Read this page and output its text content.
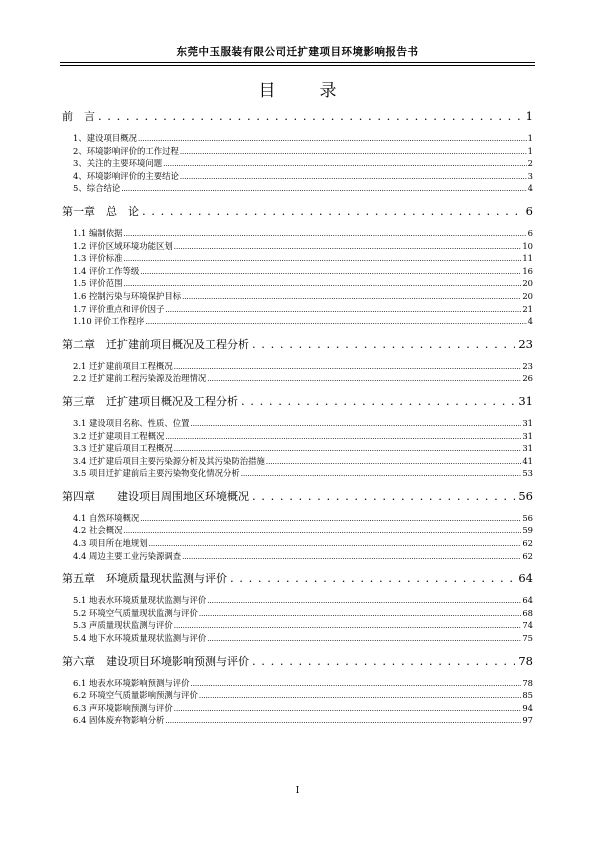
东莞中玉服装有限公司迁扩建项目环境影响报告书
目录
前　言 . . .	1
1、建设项目概况 .....	1
2、环境影响评价的工作过程 .....	1
3、关注的主要环境问题 .....	2
4、环境影响评价的主要结论 .....	3
5、综合结论 .....	4
第一章　总　论 . . .	6
1.1 编制依据 .....	6
1.2 评价区域环境功能区划 .....	10
1.3 评价标准 .....	11
1.4 评价工作等级 .....	16
1.5 评价范围 .....	20
1.6 控制污染与环境保护目标 .....	20
1.7 评价重点和评价因子 .....	21
1.10 评价工作程序 .....	4
第二章　迁扩建前项目概况及工程分析 . . .	23
2.1 迁扩建前项目工程概况 .....	23
2.2 迁扩建前工程污染源及治理情况 .....	26
第三章　迁扩建项目概况及工程分析 . . .	31
3.1 建设项目名称、性质、位置 .....	31
3.2 迁扩建项目工程概况 .....	31
3.3 迁扩建后项目工程概况 .....	31
3.4 迁扩建后项目主要污染源分析及其污染防治措施 .....	41
3.5 项目迁扩建前后主要污染物变化情况分析 .....	53
第四章　　建设项目周围地区环境概况 . . .	56
4.1 自然环境概况 .....	56
4.2 社会概况 .....	59
4.3 项目所在地规划 .....	62
4.4 周边主要工业污染源调查 .....	62
第五章　环境质量现状监测与评价 . . .	64
5.1 地表水环境质量现状监测与评价 .....	64
5.2 环境空气质量现状监测与评价 .....	68
5.3 声质量现状监测与评价 .....	74
5.4 地下水环境质量现状监测与评价 .....	75
第六章　建设项目环境影响预测与评价 . . .	78
6.1 地表水环境影响预测与评价 .....	78
6.2 环境空气质量影响预测与评价 .....	85
6.3 声环境影响预测与评价 .....	94
6.4 固体废弃物影响分析 .....	97
I
